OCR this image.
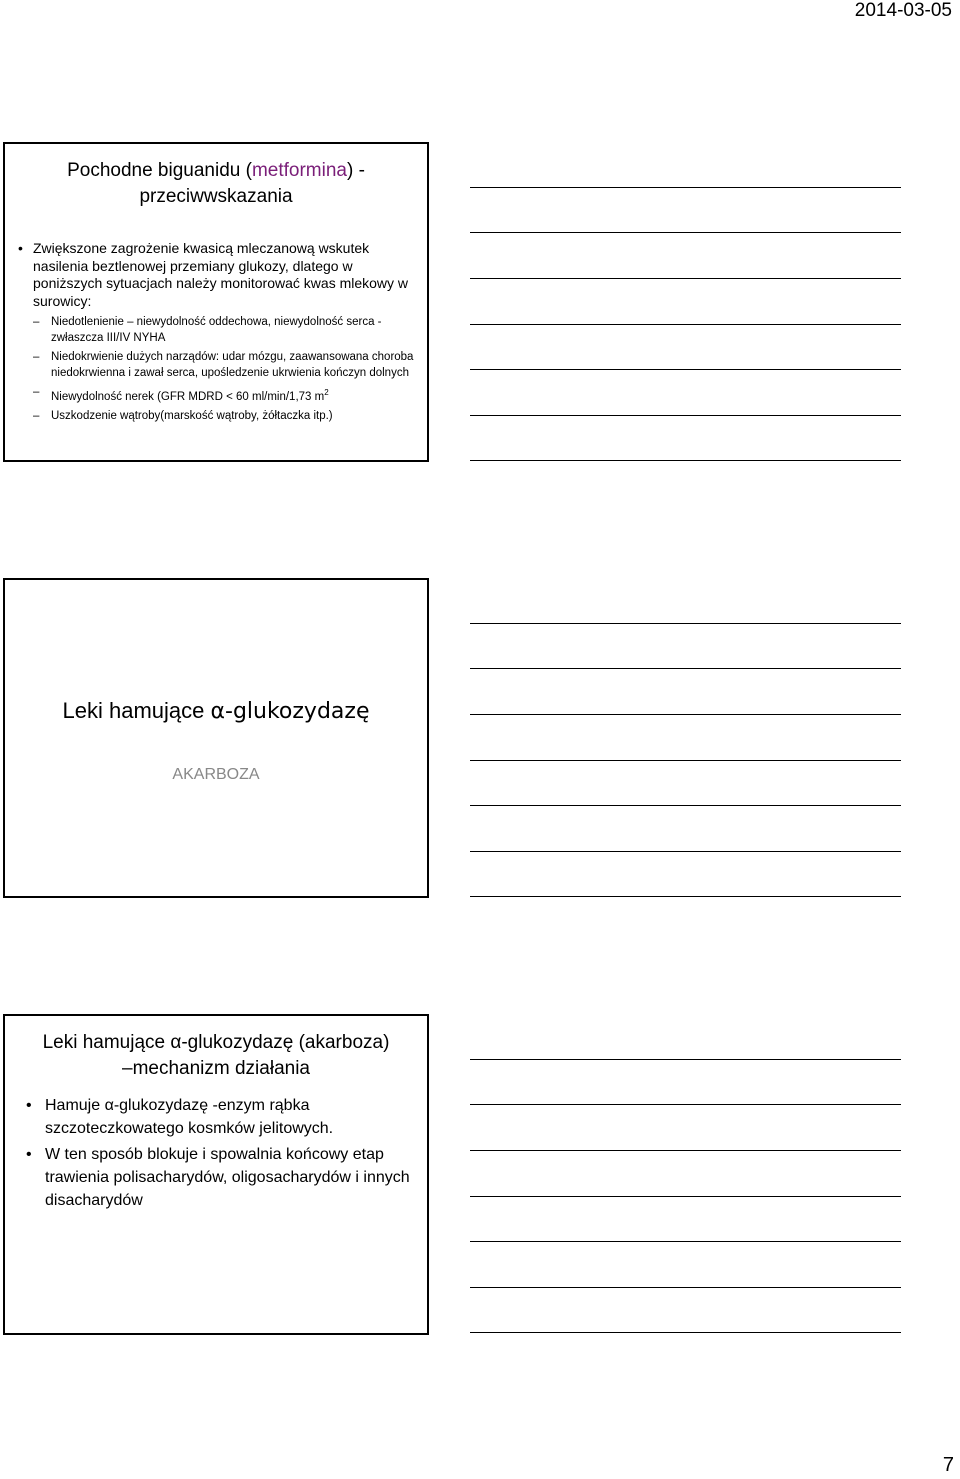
2014-03-05
Pochodne biguanidu (metformina) -
przeciwwskazania
• Zwiększone zagrożenie kwasicą mleczanową wskutek nasilenia beztlenowej przemiany glukozy, dlatego w poniższych sytuacjach należy monitorować kwas mlekowy w surowicy:
– Niedotlenienie – niewydolność oddechowa, niewydolność serca - zwłaszcza III/IV NYHA
– Niedokrwienie dużych narządów: udar mózgu, zaawansowana choroba niedokrwienna i zawał serca, upośledzenie ukrwienia kończyn dolnych
– Niewydolność nerek (GFR MDRD < 60 ml/min/1,73 $m^2$
– Uszkodzenie wątroby(marskość wątroby, żółtaczka itp.)
Leki hamujące α-glukozydazę
AKARBOZA
Leki hamujące α-glukozydazę (akarboza)
–mechanizm działania
• Hamuje α-glukozydazę -enzym rąbka szczoteczkowatego kosmków jelitowych.
• W ten sposób blokuje i spowalnia końcowy etap trawienia polisacharydów, oligosacharydów i innych disacharydów
7
